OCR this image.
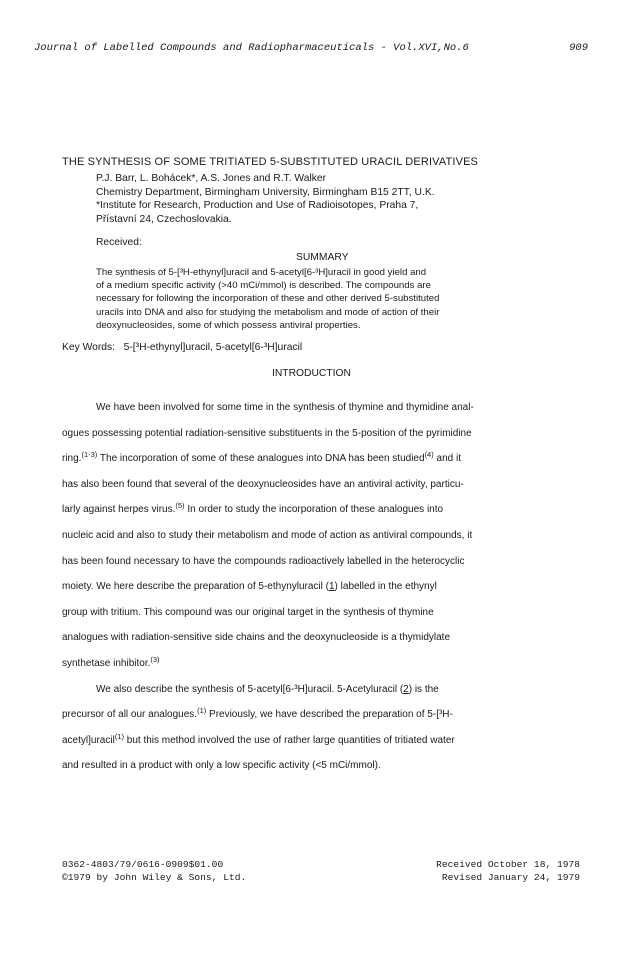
Journal of Labelled Compounds and Radiopharmaceuticals - Vol.XVI,No.6	909
THE SYNTHESIS OF SOME TRITIATED 5-SUBSTITUTED URACIL DERIVATIVES
P.J. Barr, L. Bohácek*, A.S. Jones and R.T. Walker
Chemistry Department, Birmingham University, Birmingham B15 2TT, U.K.
*Institute for Research, Production and Use of Radioisotopes, Praha 7,
Přístavní 24, Czechoslovakia.
Received:
SUMMARY
The synthesis of 5-[³H-ethynyl]uracil and 5-acetyl[6-³H]uracil in good yield and
of a medium specific activity (>40 mCi/mmol) is described. The compounds are
necessary for following the incorporation of these and other derived 5-substituted
uracils into DNA and also for studying the metabolism and mode of action of their
deoxynucleosides, some of which possess antiviral properties.
Key Words: 5-[³H-ethynyl]uracil, 5-acetyl[6-³H]uracil
INTRODUCTION
We have been involved for some time in the synthesis of thymine and thymidine anal-
ogues possessing potential radiation-sensitive substituents in the 5-position of the pyrimidine
ring.$^{(1-3)}$ The incorporation of some of these analogues into DNA has been studied$^{(4)}$ and it
has also been found that several of the deoxynucleosides have an antiviral activity, particu-
larly against herpes virus.$^{(5)}$ In order to study the incorporation of these analogues into
nucleic acid and also to study their metabolism and mode of action as antiviral compounds, it
has been found necessary to have the compounds radioactively labelled in the heterocyclic
moiety. We here describe the preparation of 5-ethynyluracil (1) labelled in the ethynyl
group with tritium. This compound was our original target in the synthesis of thymine
analogues with radiation-sensitive side chains and the deoxynucleoside is a thymidylate
synthetase inhibitor.$^{(3)}$
We also describe the synthesis of 5-acetyl[6-³H]uracil. 5-Acetyluracil (2) is the
precursor of all our analogues.$^{(1)}$ Previously, we have described the preparation of 5-[³H-
acetyl]uracil$^{(1)}$ but this method involved the use of rather large quantities of tritiated water
and resulted in a product with only a low specific activity (<5 mCi/mmol).
0362-4803/79/0616-0909$01.00
©1979 by John Wiley & Sons, Ltd.
Received October 18, 1978
Revised January 24, 1979
